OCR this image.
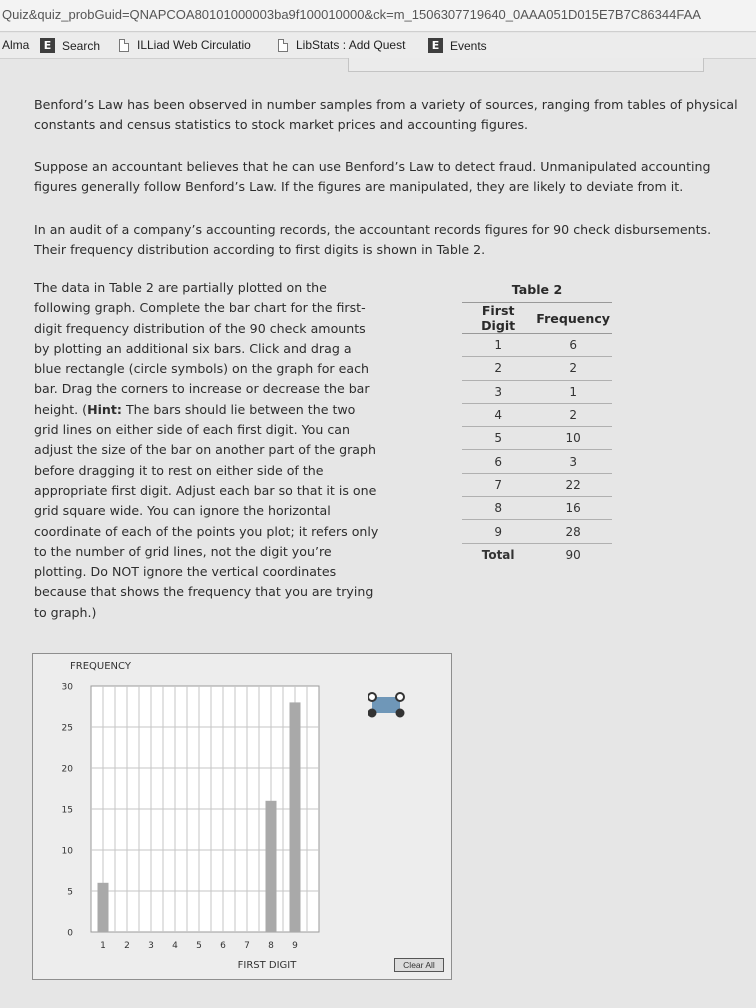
Quiz&quiz_probGuid=QNAPCOA80101000003ba9f100010000&ck=m_1506307719640_0AAA051D015E7B7C86344FAA
Alma	E Search	ILLiad Web Circulatio	LibStats : Add Quest	E Events
Benford’s Law has been observed in number samples from a variety of sources, ranging from tables of physical constants and census statistics to stock market prices and accounting figures.
Suppose an accountant believes that he can use Benford’s Law to detect fraud. Unmanipulated accounting figures generally follow Benford’s Law. If the figures are manipulated, they are likely to deviate from it.
In an audit of a company’s accounting records, the accountant records figures for 90 check disbursements. Their frequency distribution according to first digits is shown in Table 2.
The data in Table 2 are partially plotted on the following graph. Complete the bar chart for the first-digit frequency distribution of the 90 check amounts by plotting an additional six bars. Click and drag a blue rectangle (circle symbols) on the graph for each bar. Drag the corners to increase or decrease the bar height. (Hint: The bars should lie between the two grid lines on either side of each first digit. You can adjust the size of the bar on another part of the graph before dragging it to rest on either side of the appropriate first digit. Adjust each bar so that it is one grid square wide. You can ignore the horizontal coordinate of each of the points you plot; it refers only to the number of grid lines, not the digit you’re plotting. Do NOT ignore the vertical coordinates because that shows the frequency that you are trying to graph.)
Table 2
First Digit	Frequency
1	6
2	2
3	1
4	2
5	10
6	3
7	22
8	16
9	28
Total	90
FREQUENCY
FIRST DIGIT
0
5
10
15
20
25
30
1 2 3 4 5 6 7 8 9
Clear All
